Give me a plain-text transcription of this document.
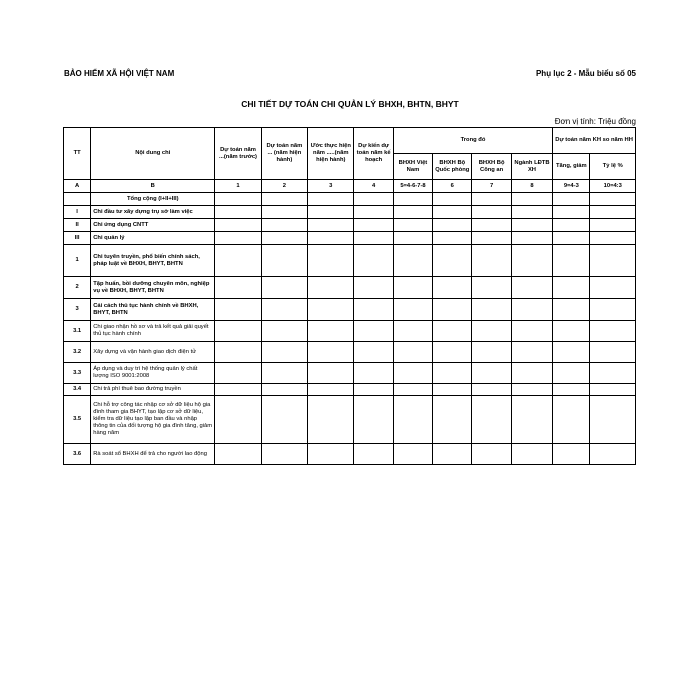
BẢO HIỂM XÃ HỘI VIỆT NAM	Phụ lục 2 - Mẫu biểu số 05
CHI TIẾT DỰ TOÁN CHI QUẢN LÝ BHXH, BHTN, BHYT
Đơn vị tính: Triệu đồng
TT	Nội dung chi	Dự toán năm ...(năm trước)	Dự toán năm ... (năm hiện hành)	Ước thực hiện năm .....(năm hiện hành)	Dự kiến dự toán năm kế hoạch	Trong đó				Dự toán năm KH so năm HH	
						BHXH Việt Nam	BHXH Bộ Quốc phòng	BHXH Bộ Công an	Ngành LĐTB XH	Tăng, giảm	Tỷ lệ %
A	B	1	2	3	4	5=4-6-7-8	6	7	8	9=4-3	10=4:3
	Tổng cộng (I+II+III)										
I	Chi đầu tư xây dựng trụ sở làm việc										
II	Chi ứng dụng CNTT										
III	Chi quản lý										
1	Chi tuyên truyền, phổ biến chính sách, pháp luật về BHXH, BHYT, BHTN										
2	Tập huấn, bồi dưỡng chuyên môn, nghiệp vụ về BHXH, BHYT, BHTN										
3	Cải cách thủ tục hành chính về BHXH, BHYT, BHTN										
3.1	Chi giao nhận hồ sơ và trả kết quả giải quyết thủ tục hành chính										
3.2	Xây dựng và vận hành giao dịch điện tử										
3.3	Áp dụng và duy trì hệ thống quản lý chất lượng ISO 9001:2008										
3.4	Chi trả phí thuê bao đường truyền										
3.5	Chi hỗ trợ công tác nhập cơ sở dữ liệu hộ gia đình tham gia BHYT, tạo lập cơ sở dữ liệu, kiểm tra dữ liệu tạo lập ban đầu và nhập thông tin của đối tượng hộ gia đình tăng, giảm hàng năm										
3.6	Rà soát sổ BHXH để trả cho người lao động										
